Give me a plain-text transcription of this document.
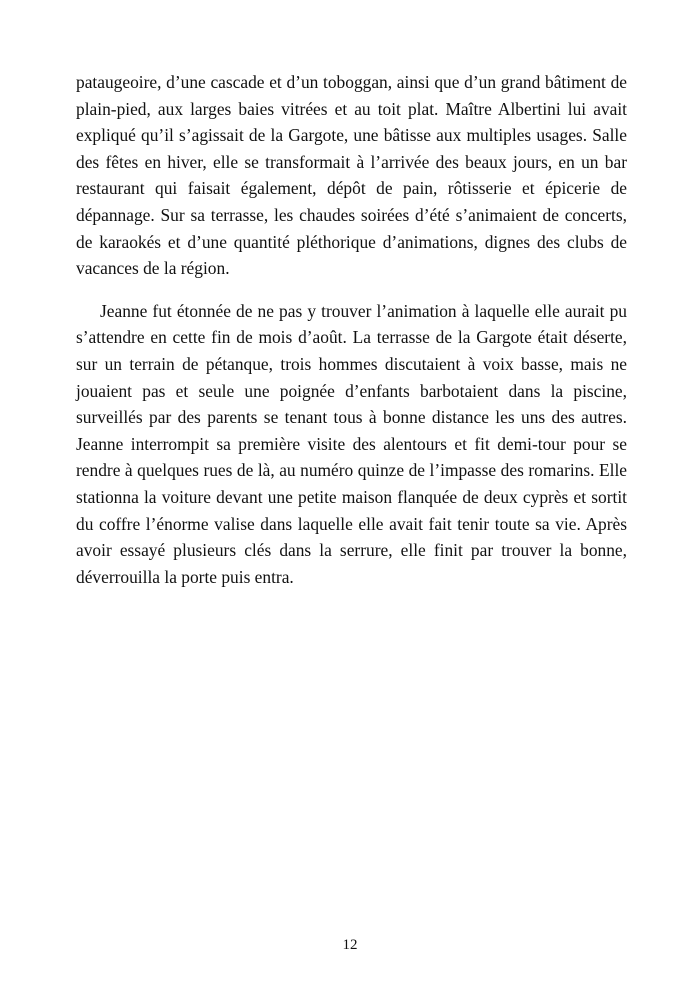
pataugeoire, d’une cascade et d’un toboggan, ainsi que d’un grand bâtiment de plain-pied, aux larges baies vitrées et au toit plat. Maître Albertini lui avait expliqué qu’il s’agissait de la Gargote, une bâtisse aux multiples usages. Salle des fêtes en hiver, elle se transformait à l’arrivée des beaux jours, en un bar restaurant qui faisait également, dépôt de pain, rôtisserie et épicerie de dépannage. Sur sa terrasse, les chaudes soirées d’été s’animaient de concerts, de karaokés et d’une quantité pléthorique d’animations, dignes des clubs de vacances de la région.

Jeanne fut étonnée de ne pas y trouver l’animation à laquelle elle aurait pu s’attendre en cette fin de mois d’août. La terrasse de la Gargote était déserte, sur un terrain de pétanque, trois hommes discutaient à voix basse, mais ne jouaient pas et seule une poignée d’enfants barbotaient dans la piscine, surveillés par des parents se tenant tous à bonne distance les uns des autres. Jeanne interrompit sa première visite des alentours et fit demi-tour pour se rendre à quelques rues de là, au numéro quinze de l’impasse des romarins. Elle stationna la voiture devant une petite maison flanquée de deux cyprès et sortit du coffre l’énorme valise dans laquelle elle avait fait tenir toute sa vie. Après avoir essayé plusieurs clés dans la serrure, elle finit par trouver la bonne, déverrouilla la porte puis entra.

12
